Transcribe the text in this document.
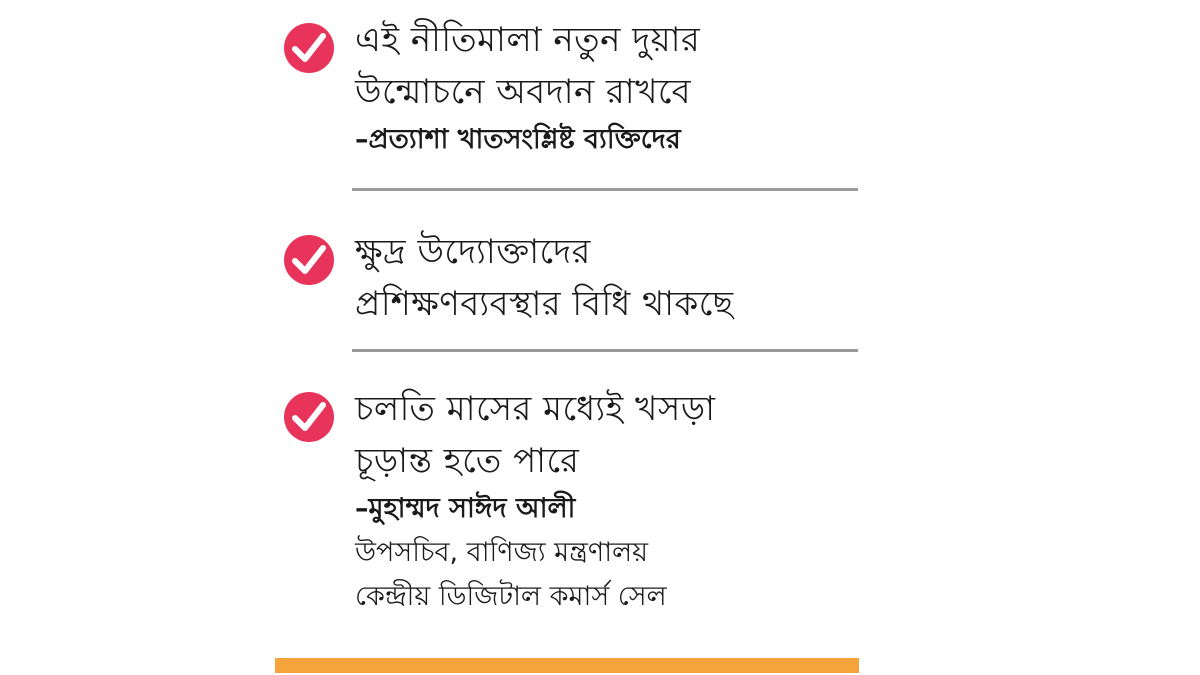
এই নীতিমালা নতুন দুয়ার
উন্মোচনে অবদান রাখবে
–প্রত্যাশা খাতসংশ্লিষ্ট ব্যক্তিদের
ক্ষুদ্র উদ্যোক্তাদের
প্রশিক্ষণব্যবস্থার বিধি থাকছে
চলতি মাসের মধ্যেই খসড়া
চূড়ান্ত হতে পারে
–মুহাম্মদ সাঈদ আলী
উপসচিব, বাণিজ্য মন্ত্রণালয়
কেন্দ্রীয় ডিজিটাল কমার্স সেল
